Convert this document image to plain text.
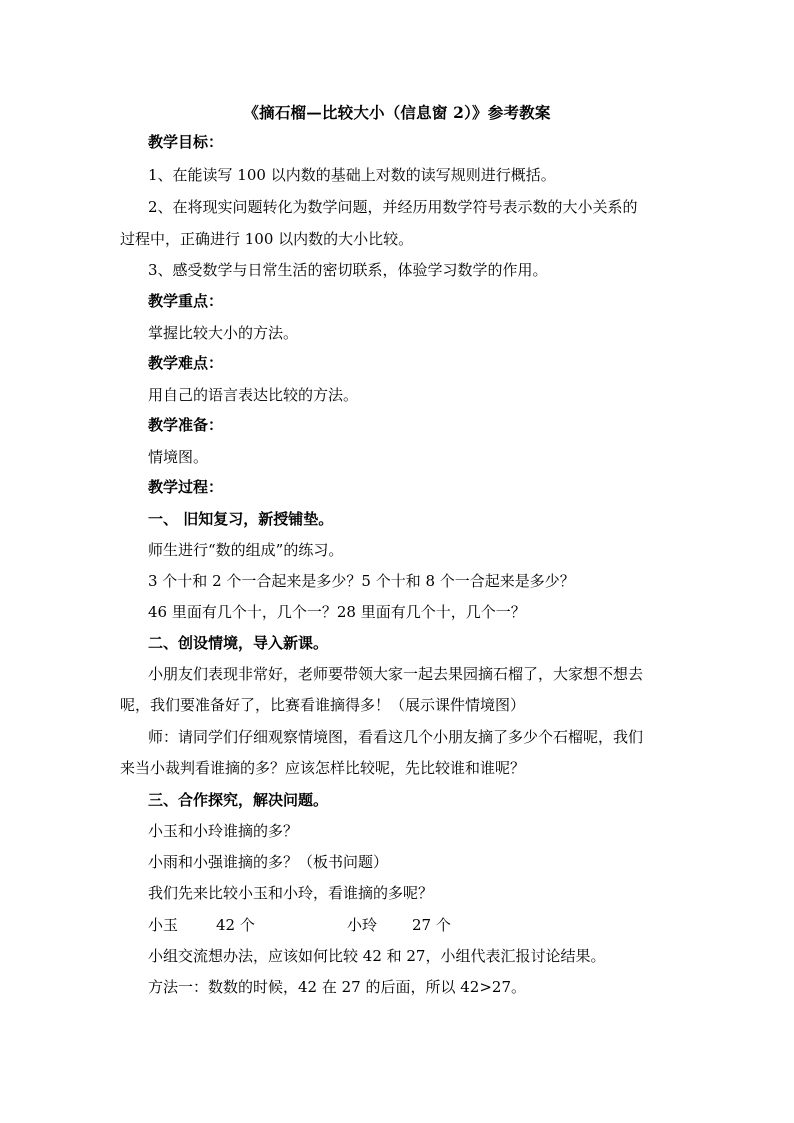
《摘石榴—比较大小（信息窗 2）》参考教案
教学目标：
1、在能读写 100 以内数的基础上对数的读写规则进行概括。
2、在将现实问题转化为数学问题，并经历用数学符号表示数的大小关系的
过程中，正确进行 100 以内数的大小比较。
3、感受数学与日常生活的密切联系，体验学习数学的作用。
教学重点：
掌握比较大小的方法。
教学难点：
用自己的语言表达比较的方法。
教学准备：
情境图。
教学过程：
一、 旧知复习，新授铺垫。
师生进行“数的组成”的练习。
3 个十和 2 个一合起来是多少？5 个十和 8 个一合起来是多少？
46 里面有几个十，几个一？28 里面有几个十，几个一？
二、创设情境，导入新课。
小朋友们表现非常好，老师要带领大家一起去果园摘石榴了，大家想不想去
呢，我们要准备好了，比赛看谁摘得多！（展示课件情境图）
师：请同学们仔细观察情境图，看看这几个小朋友摘了多少个石榴呢，我们
来当小裁判看谁摘的多？应该怎样比较呢，先比较谁和谁呢？
三、合作探究，解决问题。
小玉和小玲谁摘的多？
小雨和小强谁摘的多？（板书问题）
我们先来比较小玉和小玲，看谁摘的多呢？
小玉	42 个	小玲 27 个
小组交流想办法，应该如何比较 42 和 27，小组代表汇报讨论结果。
方法一：数数的时候，42 在 27 的后面，所以 42>27。
